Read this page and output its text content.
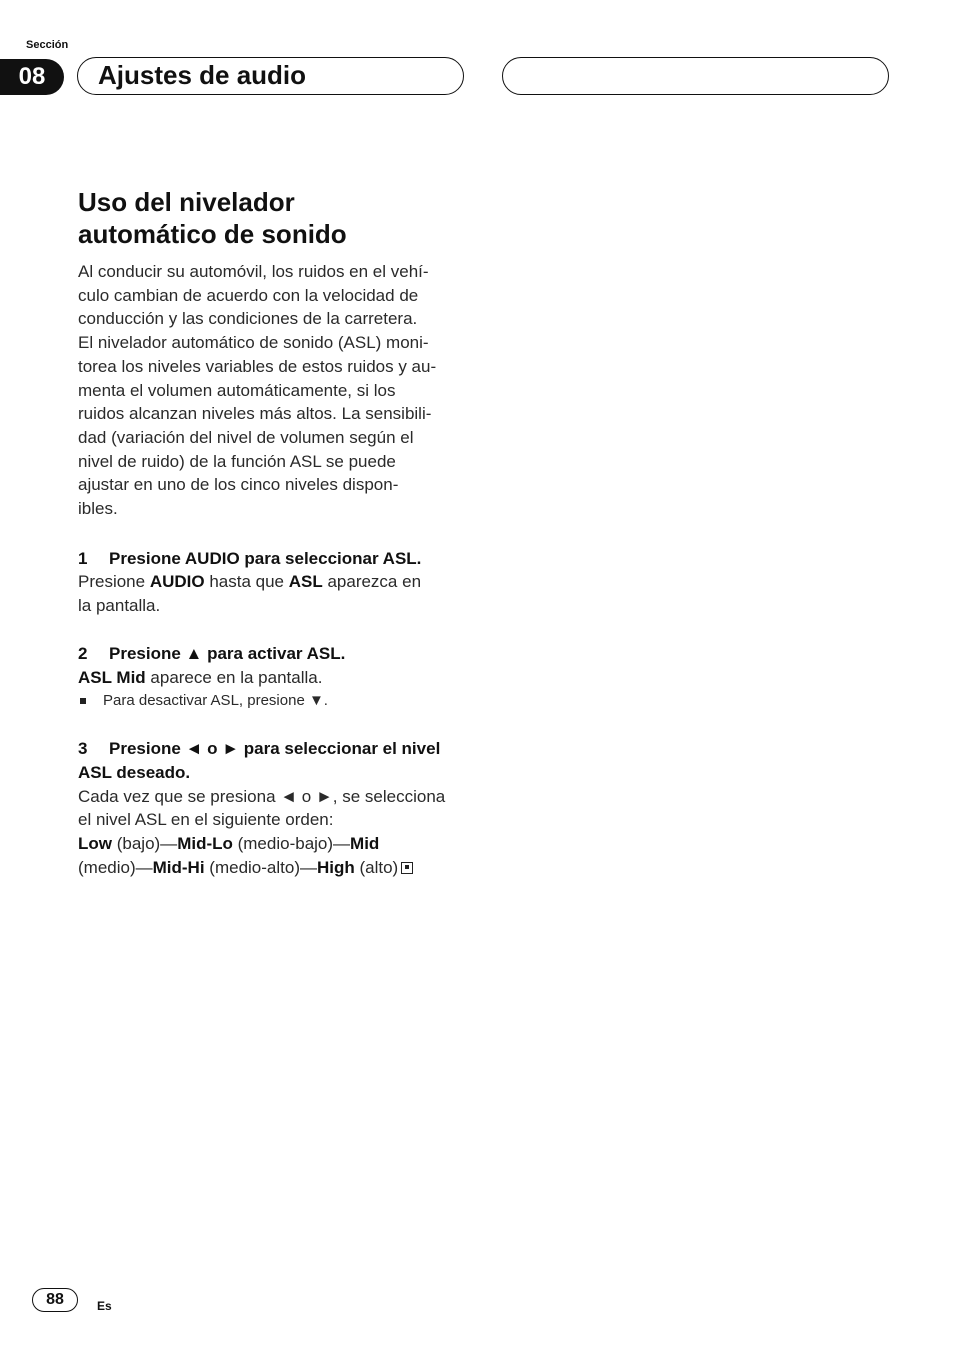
Sección
08	Ajustes de audio
Uso del nivelador
automático de sonido

Al conducir su automóvil, los ruidos en el vehí-
culo cambian de acuerdo con la velocidad de
conducción y las condiciones de la carretera.
El nivelador automático de sonido (ASL) moni-
torea los niveles variables de estos ruidos y au-
menta el volumen automáticamente, si los
ruidos alcanzan niveles más altos. La sensibili-
dad (variación del nivel de volumen según el
nivel de ruido) de la función ASL se puede
ajustar en uno de los cinco niveles dispon-
ibles.

1 Presione AUDIO para seleccionar ASL.

Presione AUDIO hasta que ASL aparezca en
la pantalla.

2 Presione ▲ para activar ASL.

ASL Mid aparece en la pantalla.

Para desactivar ASL, presione ▼.

3 Presione ◄ o ► para seleccionar el nivel
ASL deseado.

Cada vez que se presiona ◄ o ►, se selecciona
el nivel ASL en el siguiente orden:
Low (bajo)—Mid-Lo (medio-bajo)—Mid
(medio)—Mid-Hi (medio-alto)—High (alto)

88	Es
